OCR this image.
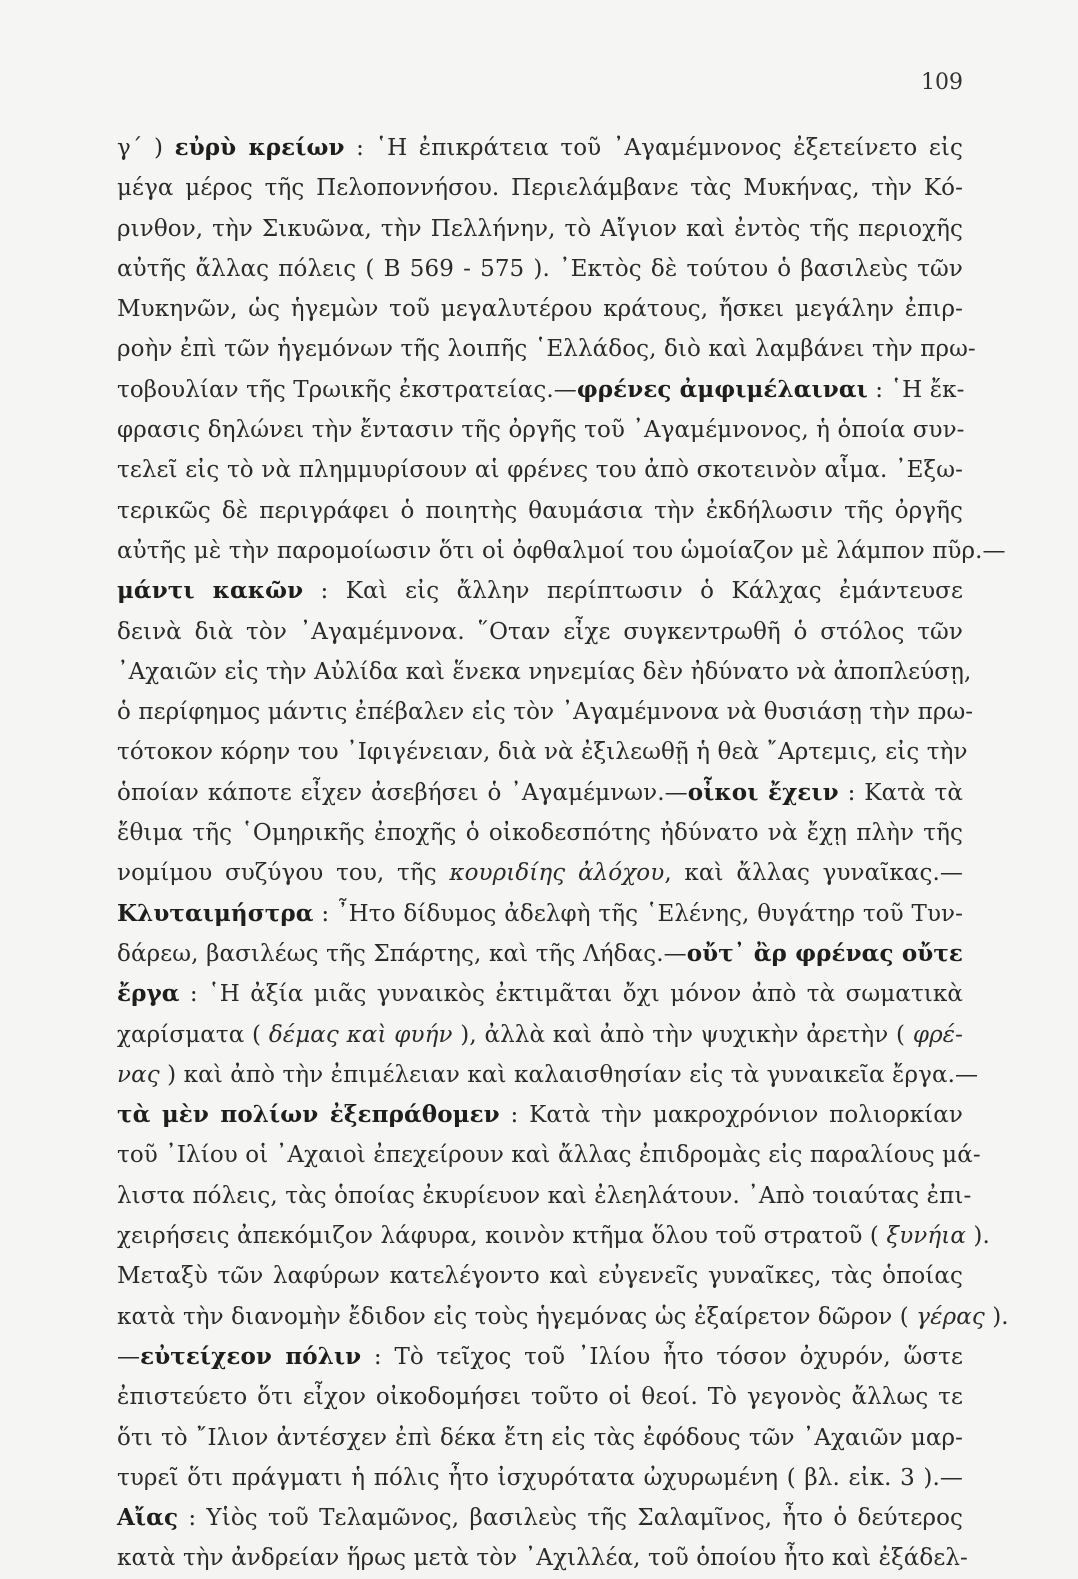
109
γ΄ ) εὐρὺ κρείων : ῾Η ἐπικράτεια τοῦ ᾿Αγαμέμνονος ἐξετείνετο εἰς
μέγα μέρος τῆς Πελοποννήσου. Περιελάμβανε τὰς Μυκήνας, τὴν Κό-
ρινθον, τὴν Σικυῶνα, τὴν Πελλήνην, τὸ Αἴγιον καὶ ἐντὸς τῆς περιοχῆς
αὐτῆς ἄλλας πόλεις ( Β 569 - 575 ). ᾿Εκτὸς δὲ τούτου ὁ βασιλεὺς τῶν
Μυκηνῶν, ὡς ἡγεμὼν τοῦ μεγαλυτέρου κράτους, ἤσκει μεγάλην ἐπιρ-
ροὴν ἐπὶ τῶν ἡγεμόνων τῆς λοιπῆς ῾Ελλάδος, διὸ καὶ λαμβάνει τὴν πρω-
τοβουλίαν τῆς Τρωικῆς ἐκστρατείας.—φρένες ἀμφιμέλαιναι : ῾Η ἔκ-
φρασις δηλώνει τὴν ἔντασιν τῆς ὀργῆς τοῦ ᾿Αγαμέμνονος, ἡ ὁποία συν-
τελεῖ εἰς τὸ νὰ πλημμυρίσουν αἱ φρένες του ἀπὸ σκοτεινὸν αἷμα. ᾿Εξω-
τερικῶς δὲ περιγράφει ὁ ποιητὴς θαυμάσια τὴν ἐκδήλωσιν τῆς ὀργῆς
αὐτῆς μὲ τὴν παρομοίωσιν ὅτι οἱ ὀφθαλμοί του ὡμοίαζον μὲ λάμπον πῦρ.—
μάντι κακῶν : Καὶ εἰς ἄλλην περίπτωσιν ὁ Κάλχας ἐμάντευσε
δεινὰ διὰ τὸν ᾿Αγαμέμνονα. ῞Οταν εἶχε συγκεντρωθῆ ὁ στόλος τῶν
᾿Αχαιῶν εἰς τὴν Αὐλίδα καὶ ἕνεκα νηνεμίας δὲν ἠδύνατο νὰ ἀποπλεύσῃ,
ὁ περίφημος μάντις ἐπέβαλεν εἰς τὸν ᾿Αγαμέμνονα νὰ θυσιάσῃ τὴν πρω-
τότοκον κόρην του ᾿Ιφιγένειαν, διὰ νὰ ἐξιλεωθῇ ἡ θεὰ ῎Αρτεμις, εἰς τὴν
ὁποίαν κάποτε εἶχεν ἀσεβήσει ὁ ᾿Αγαμέμνων.—οἶκοι ἔχειν : Κατὰ τὰ
ἔθιμα τῆς ῾Ομηρικῆς ἐποχῆς ὁ οἰκοδεσπότης ἠδύνατο νὰ ἔχῃ πλὴν τῆς
νομίμου συζύγου του, τῆς κουριδίης ἀλόχου, καὶ ἄλλας γυναῖκας.—
Κλυταιμήστρα : ῏Ητο δίδυμος ἀδελφὴ τῆς ῾Ελένης, θυγάτηρ τοῦ Τυν-
δάρεω, βασιλέως τῆς Σπάρτης, καὶ τῆς Λήδας.—οὔτ᾽ ἂρ φρένας οὔτε
ἔργα : ῾Η ἀξία μιᾶς γυναικὸς ἐκτιμᾶται ὄχι μόνον ἀπὸ τὰ σωματικὰ
χαρίσματα ( δέμας καὶ φυήν ), ἀλλὰ καὶ ἀπὸ τὴν ψυχικὴν ἀρετὴν ( φρέ-
νας ) καὶ ἀπὸ τὴν ἐπιμέλειαν καὶ καλαισθησίαν εἰς τὰ γυναικεῖα ἔργα.—
τὰ μὲν πολίων ἐξεπράθομεν : Κατὰ τὴν μακροχρόνιον πολιορκίαν
τοῦ ᾿Ιλίου οἱ ᾿Αχαιοὶ ἐπεχείρουν καὶ ἄλλας ἐπιδρομὰς εἰς παραλίους μά-
λιστα πόλεις, τὰς ὁποίας ἐκυρίευον καὶ ἐλεηλάτουν. ᾿Απὸ τοιαύτας ἐπι-
χειρήσεις ἀπεκόμιζον λάφυρα, κοινὸν κτῆμα ὅλου τοῦ στρατοῦ ( ξυνήια ).
Μεταξὺ τῶν λαφύρων κατελέγοντο καὶ εὐγενεῖς γυναῖκες, τὰς ὁποίας
κατὰ τὴν διανομὴν ἔδιδον εἰς τοὺς ἡγεμόνας ὡς ἐξαίρετον δῶρον ( γέρας ).
—εὐτείχεον πόλιν : Τὸ τεῖχος τοῦ ᾿Ιλίου ἦτο τόσον ὀχυρόν, ὥστε
ἐπιστεύετο ὅτι εἶχον οἰκοδομήσει τοῦτο οἱ θεοί. Τὸ γεγονὸς ἄλλως τε
ὅτι τὸ ῎Ιλιον ἀντέσχεν ἐπὶ δέκα ἔτη εἰς τὰς ἐφόδους τῶν ᾿Αχαιῶν μαρ-
τυρεῖ ὅτι πράγματι ἡ πόλις ἦτο ἰσχυρότατα ὠχυρωμένη ( βλ. εἰκ. 3 ).—
Αἴας : Υἱὸς τοῦ Τελαμῶνος, βασιλεὺς τῆς Σαλαμῖνος, ἦτο ὁ δεύτερος
κατὰ τὴν ἀνδρείαν ἥρως μετὰ τὸν ᾿Αχιλλέα, τοῦ ὁποίου ἦτο καὶ ἐξάδελ-
